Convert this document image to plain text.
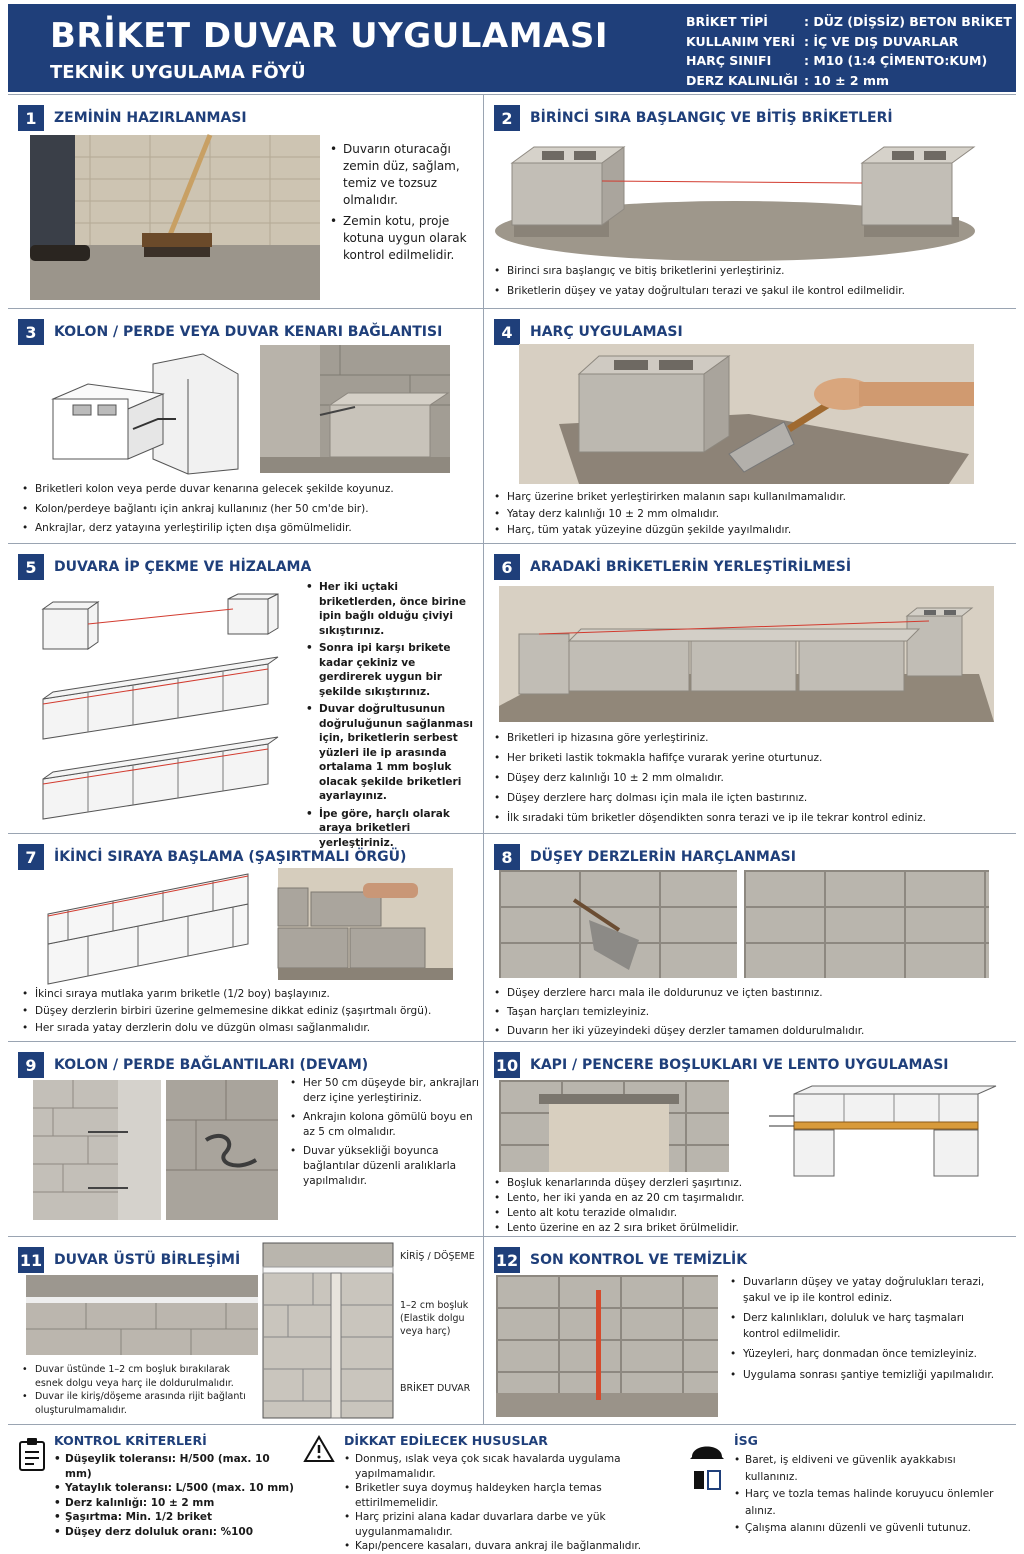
BRİKET DUVAR UYGULAMASI
TEKNİK UYGULAMA FÖYÜ
BRİKET TİPİ	: DÜZ (DİŞSİZ) BETON BRİKET
KULLANIM YERİ : İÇ VE DIŞ DUVARLAR
HARÇ SINIFI	: M10 (1:4 ÇİMENTO:KUM)
DERZ KALINLIĞI : 10 ± 2 mm
1	ZEMİNİN HAZIRLANMASI
• Duvarın oturacağı zemin düz, sağlam, temiz ve tozsuz olmalıdır.
• Zemin kotu, proje kotuna uygun olarak kontrol edilmelidir.
2	BİRİNCİ SIRA BAŞLANGIÇ VE BİTİŞ BRİKETLERİ
• Birinci sıra başlangıç ve bitiş briketlerini yerleştiriniz.
• Briketlerin düşey ve yatay doğrultuları terazi ve şakul ile kontrol edilmelidir.
3	KOLON / PERDE VEYA DUVAR KENARI BAĞLANTISI
• Briketleri kolon veya perde duvar kenarına gelecek şekilde koyunuz.
• Kolon/perdeye bağlantı için ankraj kullanınız (her 50 cm'de bir).
• Ankrajlar, derz yatayına yerleştirilip içten dışa gömülmelidir.
4	HARÇ UYGULAMASI
• Harç üzerine briket yerleştirirken malanın sapı kullanılmamalıdır.
• Yatay derz kalınlığı 10 ± 2 mm olmalıdır.
• Harç, tüm yatak yüzeyine düzgün şekilde yayılmalıdır.
5	DUVARA İP ÇEKME VE HİZALAMA
• Her iki uçtaki briketlerden, önce birine ipin bağlı olduğu çiviyi sıkıştırınız.
• Sonra ipi karşı brikete kadar çekiniz ve gerdirerek uygun bir şekilde sıkıştırınız.
• Duvar doğrultusunun doğruluğunun sağlanması için, briketlerin serbest yüzleri ile ip arasında ortalama 1 mm boşluk olacak şekilde briketleri ayarlayınız.
• İpe göre, harçlı olarak araya briketleri yerleştiriniz.
6	ARADAKİ BRİKETLERİN YERLEŞTİRİLMESİ
• Briketleri ip hizasına göre yerleştiriniz.
• Her briketi lastik tokmakla hafifçe vurarak yerine oturtunuz.
• Düşey derz kalınlığı 10 ± 2 mm olmalıdır.
• Düşey derzlere harç dolması için mala ile içten bastırınız.
• İlk sıradaki tüm briketler döşendikten sonra terazi ve ip ile tekrar kontrol ediniz.
7	İKİNCİ SIRAYA BAŞLAMA (ŞAŞIRTMALI ÖRGÜ)
• İkinci sıraya mutlaka yarım briketle (1/2 boy) başlayınız.
• Düşey derzlerin birbiri üzerine gelmemesine dikkat ediniz (şaşırtmalı örgü).
• Her sırada yatay derzlerin dolu ve düzgün olması sağlanmalıdır.
8	DÜŞEY DERZLERİN HARÇLANMASI
• Düşey derzlere harcı mala ile doldurunuz ve içten bastırınız.
• Taşan harçları temizleyiniz.
• Duvarın her iki yüzeyindeki düşey derzler tamamen doldurulmalıdır.
9	KOLON / PERDE BAĞLANTILARI (DEVAM)
• Her 50 cm düşeyde bir, ankrajları derz içine yerleştiriniz.
• Ankrajın kolona gömülü boyu en az 5 cm olmalıdır.
• Duvar yüksekliği boyunca bağlantılar düzenli aralıklarla yapılmalıdır.
10 KAPI / PENCERE BOŞLUKLARI VE LENTO UYGULAMASI
• Boşluk kenarlarında düşey derzleri şaşırtınız.
• Lento, her iki yanda en az 20 cm taşırmalıdır.
• Lento alt kotu terazide olmalıdır.
• Lento üzerine en az 2 sıra briket örülmelidir.
11 DUVAR ÜSTÜ BİRLEŞİMİ	KİRİŞ / DÖŞEME
1–2 cm boşluk (Elastik dolgu veya harç)
BRİKET DUVAR
• Duvar üstünde 1–2 cm boşluk bırakılarak esnek dolgu veya harç ile doldurulmalıdır.
• Duvar ile kiriş/döşeme arasında rijit bağlantı oluşturulmamalıdır.
12 SON KONTROL VE TEMİZLİK
• Duvarların düşey ve yatay doğrulukları terazi, şakul ve ip ile kontrol ediniz.
• Derz kalınlıkları, doluluk ve harç taşmaları kontrol edilmelidir.
• Yüzeyleri, harç donmadan önce temizleyiniz.
• Uygulama sonrası şantiye temizliği yapılmalıdır.
KONTROL KRİTERLERİ
• Düşeylik toleransı: H/500 (max. 10 mm)
• Yataylık toleransı: L/500 (max. 10 mm)
• Derz kalınlığı: 10 ± 2 mm
• Şaşırtma: Min. 1/2 briket
• Düşey derz doluluk oranı: %100
DİKKAT EDİLECEK HUSUSLAR
• Donmuş, ıslak veya çok sıcak havalarda uygulama yapılmamalıdır.
• Briketler suya doymuş haldeyken harçla temas ettirilmemelidir.
• Harç prizini alana kadar duvarlara darbe ve yük uygulanmamalıdır.
• Kapı/pencere kasaları, duvara ankraj ile bağlanmalıdır.
İSG
• Baret, iş eldiveni ve güvenlik ayakkabısı kullanınız.
• Harç ve tozla temas halinde koruyucu önlemler alınız.
• Çalışma alanını düzenli ve güvenli tutunuz.
